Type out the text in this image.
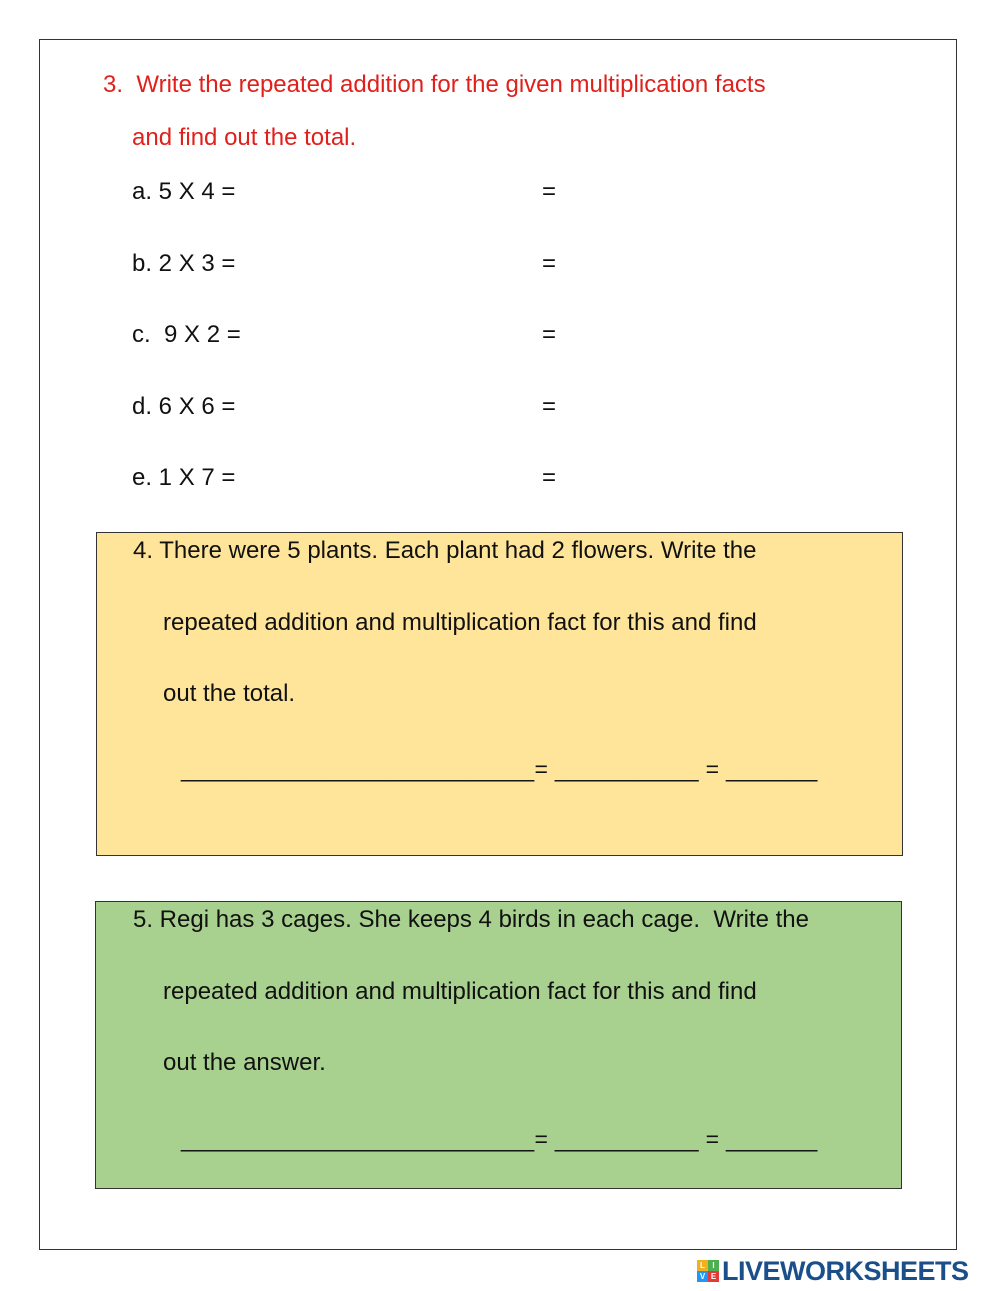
3.  Write the repeated addition for the given multiplication facts
and find out the total.
a. 5 X 4 =	=
b. 2 X 3 =	=
c.  9 X 2 =	=
d. 6 X 6 =	=
e. 1 X 7 =	=
4. There were 5 plants. Each plant had 2 flowers. Write the
repeated addition and multiplication fact for this and find
out the total.
___________________________= ___________ = _______
5. Regi has 3 cages. She keeps 4 birds in each cage.  Write the
repeated addition and multiplication fact for this and find
out the answer.
___________________________= ___________ = _______
L I
V E LIVEWORKSHEETS
